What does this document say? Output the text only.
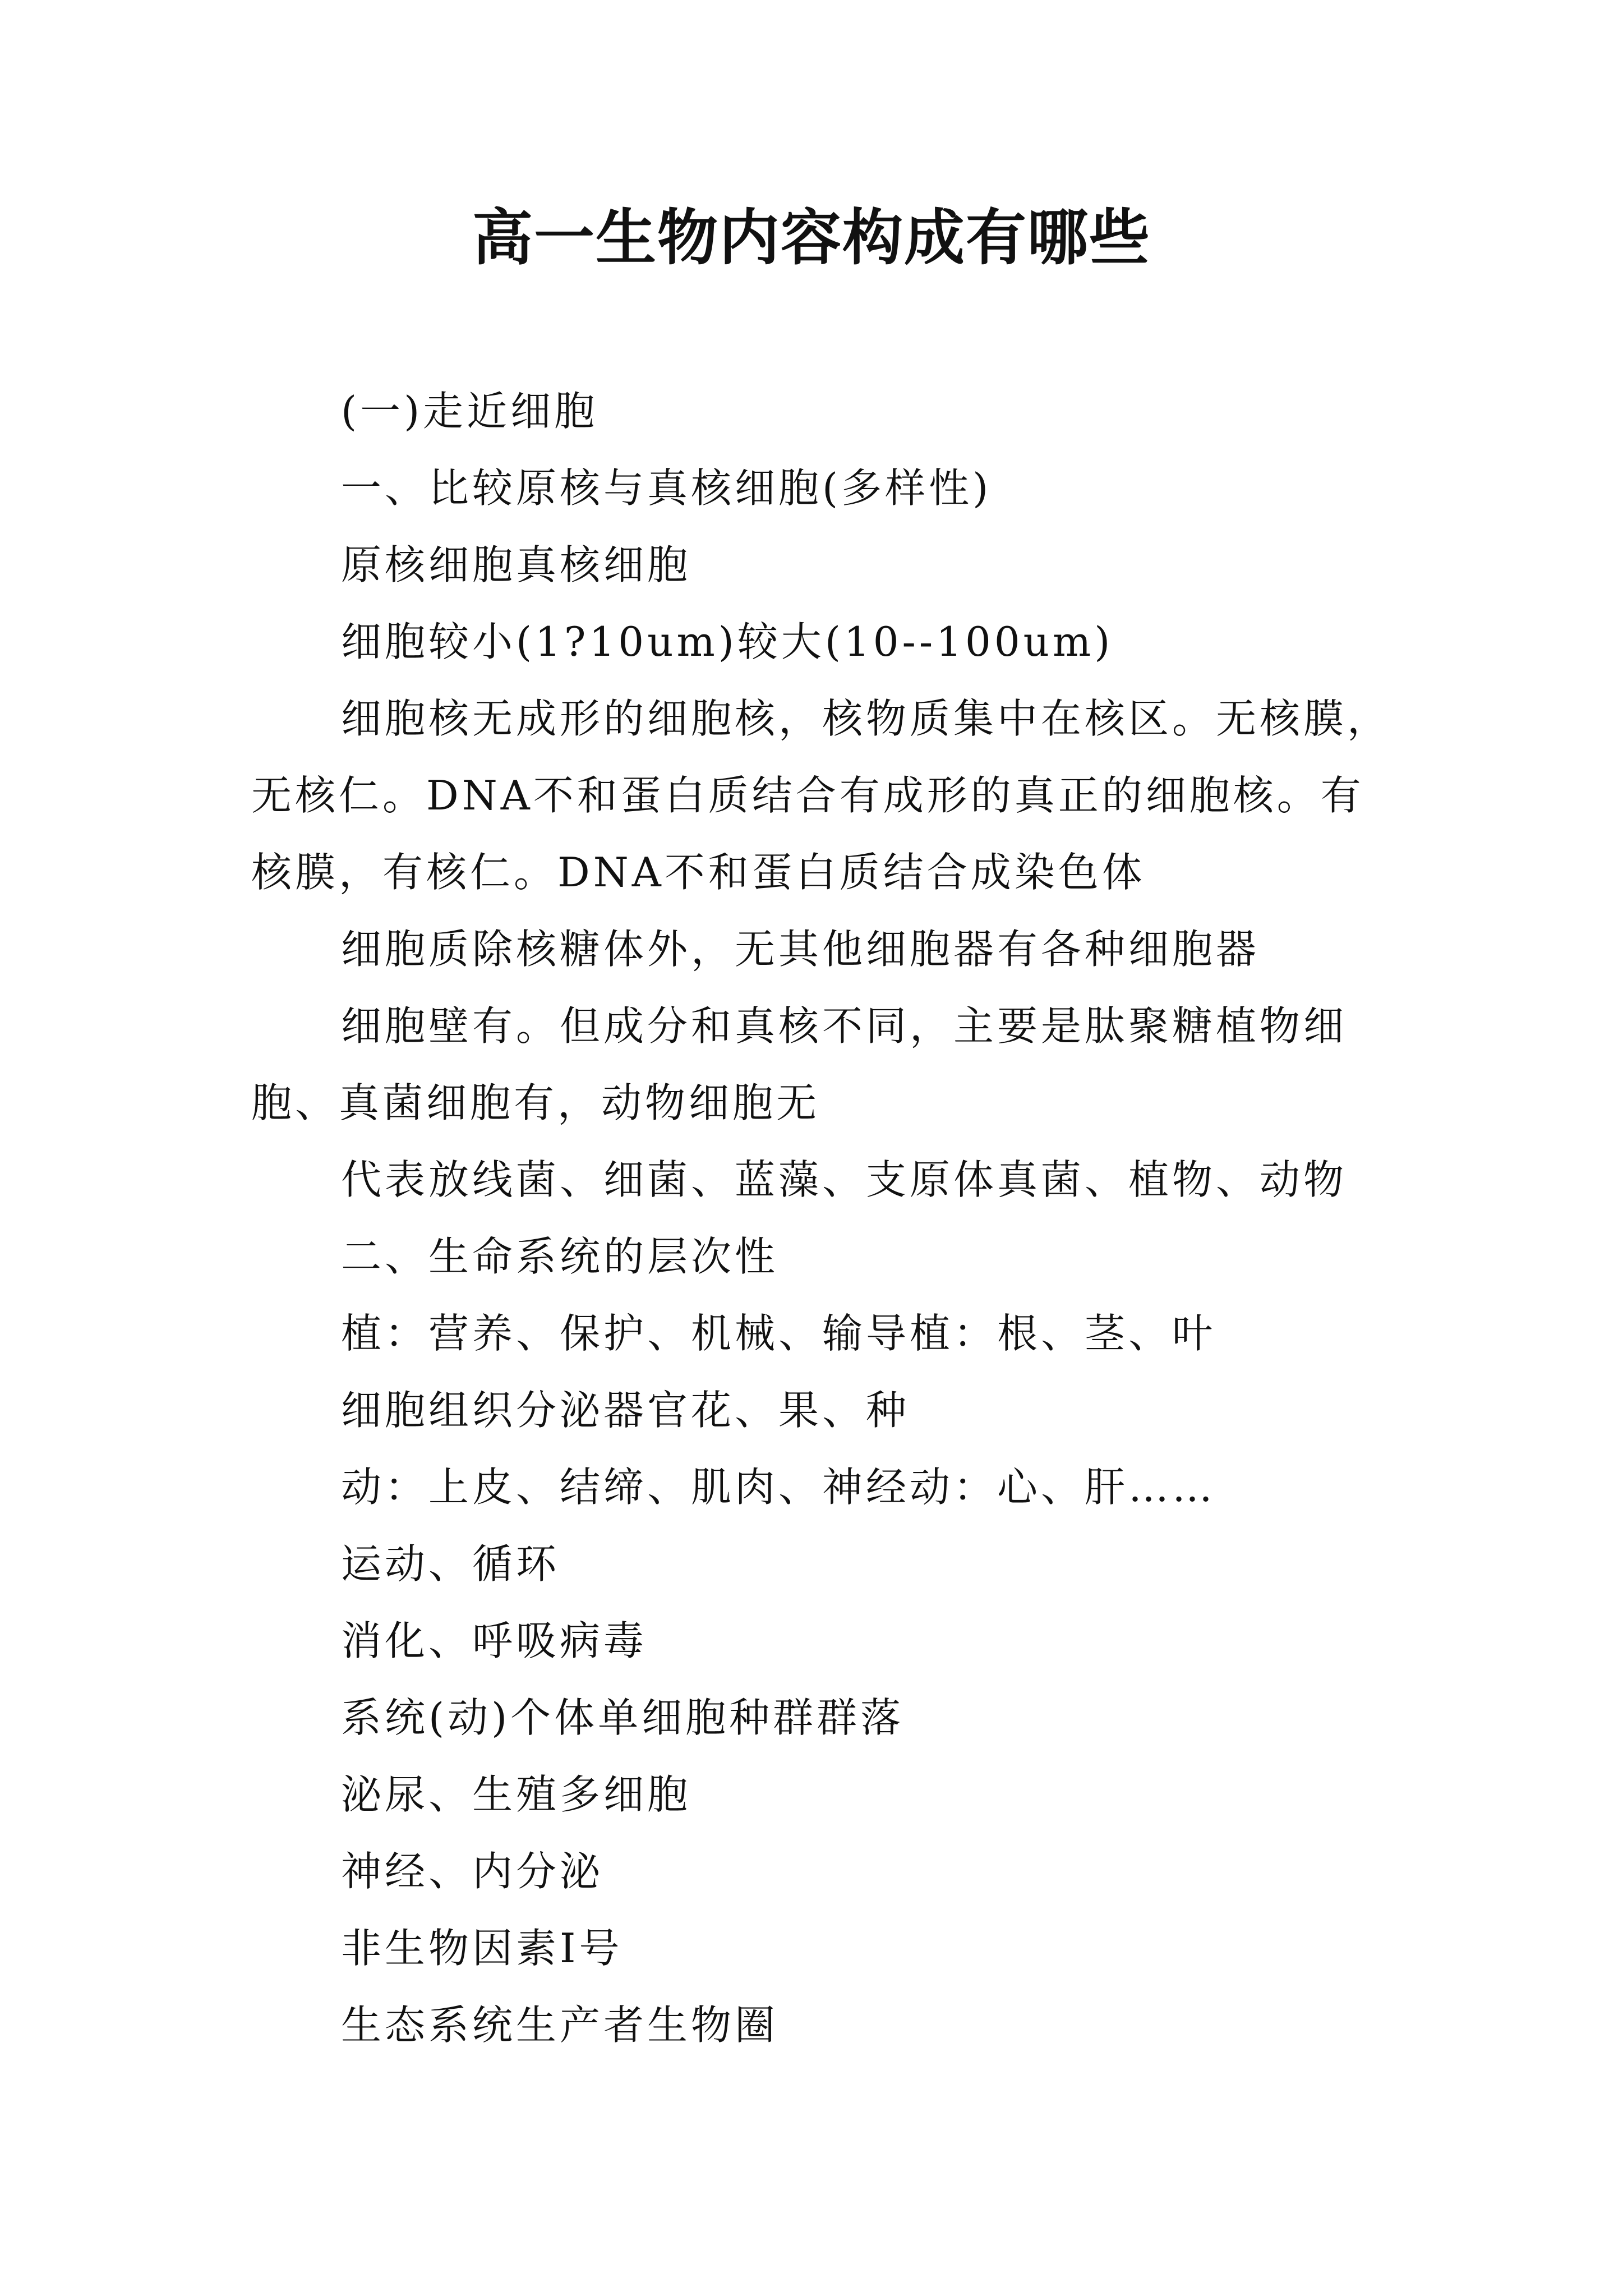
高一生物内容构成有哪些

(一)走近细胞

一、比较原核与真核细胞(多样性)

原核细胞真核细胞

细胞较小(1?10um)较大(10--100um)

细胞核无成形的细胞核，核物质集中在核区。无核膜，无核仁。DNA不和蛋白质结合有成形的真正的细胞核。有核膜，有核仁。DNA不和蛋白质结合成染色体

细胞质除核糖体外，无其他细胞器有各种细胞器

细胞壁有。但成分和真核不同，主要是肽聚糖植物细胞、真菌细胞有，动物细胞无

代表放线菌、细菌、蓝藻、支原体真菌、植物、动物

二、生命系统的层次性

植：营养、保护、机械、输导植：根、茎、叶

细胞组织分泌器官花、果、种

动：上皮、结缔、肌肉、神经动：心、肝……

运动、循环

消化、呼吸病毒

系统(动)个体单细胞种群群落

泌尿、生殖多细胞

神经、内分泌

非生物因素Ⅰ号

生态系统生产者生物圈
